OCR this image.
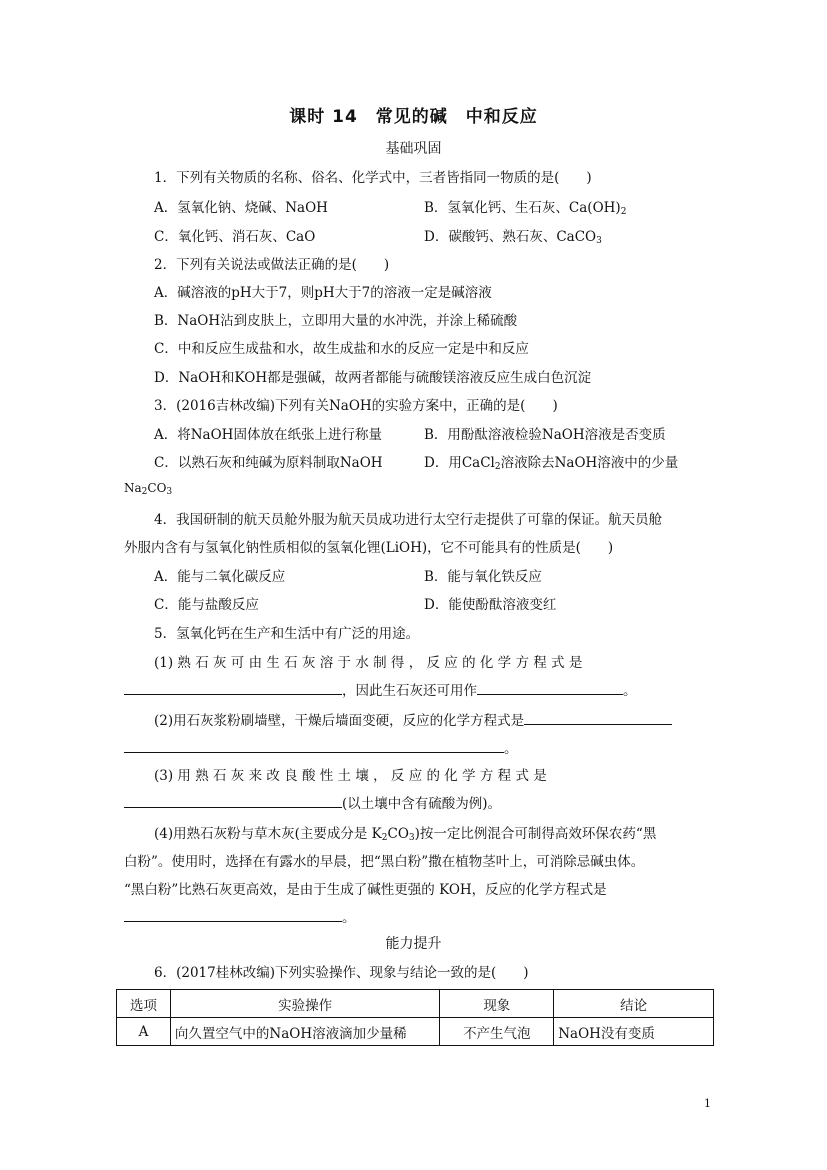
课时 14　常见的碱　中和反应
基础巩固
1．下列有关物质的名称、俗名、化学式中，三者皆指同一物质的是(　　)
A．氢氧化钠、烧碱、NaOH	B．氢氧化钙、生石灰、$Ca(OH)_2$
C．氧化钙、消石灰、CaO	D．碳酸钙、熟石灰、CaCO$_3$
2．下列有关说法或做法正确的是(　　)
A．碱溶液的pH大于7，则pH大于7的溶液一定是碱溶液
B．NaOH沾到皮肤上，立即用大量的水冲洗，并涂上稀硫酸
C．中和反应生成盐和水，故生成盐和水的反应一定是中和反应
D．NaOH和KOH都是强碱，故两者都能与硫酸镁溶液反应生成白色沉淀
3．(2016吉林改编)下列有关NaOH的实验方案中，正确的是(　　)
A．将NaOH固体放在纸张上进行称量	B．用酚酞溶液检验NaOH溶液是否变质
C．以熟石灰和纯碱为原料制取NaOH	D．用CaCl$_2$溶液除去NaOH溶液中的少量
$Na_2CO_3$
4．我国研制的航天员舱外服为航天员成功进行太空行走提供了可靠的保证。航天员舱
外服内含有与氢氧化钠性质相似的氢氧化锂(LiOH)，它不可能具有的性质是(　　)
A．能与二氧化碳反应	B．能与氧化铁反应
C．能与盐酸反应	D．能使酚酞溶液变红
5．氢氧化钙在生产和生活中有广泛的用途。
(1) 熟 石 灰 可 由 生 石 灰 溶 于 水 制 得 ， 反 应 的 化 学 方 程 式 是
，因此生石灰还可用作	。
(2)用石灰浆粉刷墙壁，干燥后墙面变硬，反应的化学方程式是
。
(3) 用 熟 石 灰 来 改 良 酸 性 土 壤 ， 反 应 的 化 学 方 程 式 是
(以土壤中含有硫酸为例)。
(4)用熟石灰粉与草木灰(主要成分是 $K_2CO_3$)按一定比例混合可制得高效环保农药“黑
白粉”。使用时，选择在有露水的早晨，把“黑白粉”撒在植物茎叶上，可消除忌碱虫体。
“黑白粉”比熟石灰更高效，是由于生成了碱性更强的 KOH，反应的化学方程式是
。
能力提升
6．(2017桂林改编)下列实验操作、现象与结论一致的是(　　)
选项	实验操作	现象	结论
A	向久置空气中的NaOH溶液滴加少量稀	不产生气泡	NaOH没有变质
1
